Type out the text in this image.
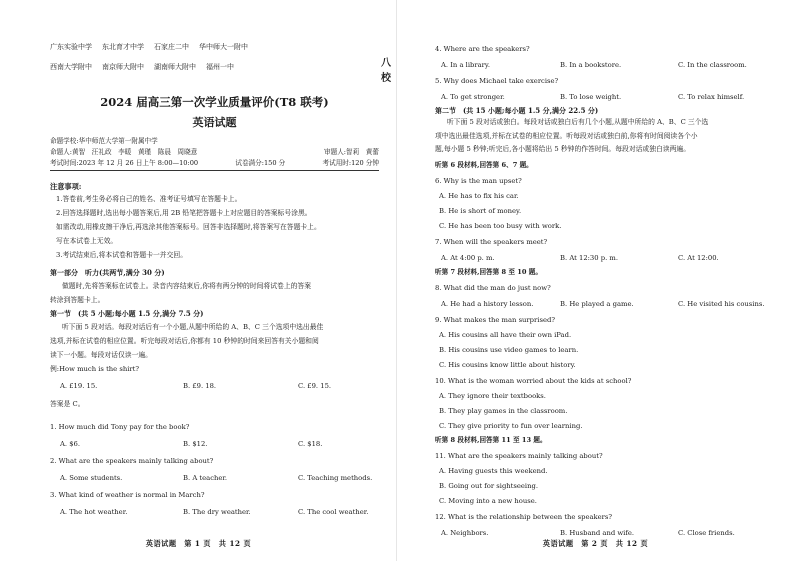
广东实验中学 东北育才中学 石家庄二中 华中师大一附中
西南大学附中 南京师大附中 湖南师大附中 福州一中	八校
2024 届高三第一次学业质量评价(T8 联考)
英语试题
命题学校:华中师范大学第一附属中学
命题人:黄智　汪礼政　李暖　黄瑾　陈晨　周晓意	审题人:智莉　黄蕾
考试时间:2023 年 12 月 26 日上午 8:00—10:00	试卷满分:150 分	考试用时:120 分钟
注意事项:
1.答卷前,考生务必将自己的姓名、准考证号填写在答题卡上。
2.回答选择题时,选出每小题答案后,用 2B 铅笔把答题卡上对应题目的答案标号涂黑。
如需改动,用橡皮擦干净后,再选涂其他答案标号。回答非选择题时,将答案写在答题卡上。
写在本试卷上无效。
3.考试结束后,将本试卷和答题卡一并交回。
第一部分　听力(共两节,满分 30 分)
做题时,先将答案标在试卷上。录音内容结束后,你将有两分钟的时间将试卷上的答案
转涂到答题卡上。
第一节　(共 5 小题;每小题 1.5 分,满分 7.5 分)
听下面 5 段对话。每段对话后有一个小题,从题中所给的 A、B、C 三个选项中选出最佳
选项,并标在试卷的相应位置。听完每段对话后,你都有 10 秒钟的时间来回答有关小题和阅
读下一小题。每段对话仅读一遍。
例:How much is the shirt?
A. £19. 15.	B. £9. 18.	C. £9. 15.
答案是 C。
1. How much did Tony pay for the book?
A. $6.	B. $12.	C. $18.
2. What are the speakers mainly talking about?
A. Some students.	B. A teacher.	C. Teaching methods.
3. What kind of weather is normal in March?
A. The hot weather.	B. The dry weather.	C. The cool weather.
英语试题　第 1 页　共 12 页
4. Where are the speakers?
A. In a library.	B. In a bookstore.	C. In the classroom.
5. Why does Michael take exercise?
A. To get stronger.	B. To lose weight.	C. To relax himself.
第二节　(共 15 小题;每小题 1.5 分,满分 22.5 分)
听下面 5 段对话或独白。每段对话或独白后有几个小题,从题中所给的 A、B、C 三个选
项中选出最佳选项,并标在试卷的相应位置。听每段对话或独白前,你将有时间阅读各个小
题,每小题 5 秒钟;听完后,各小题将给出 5 秒钟的作答时间。每段对话或独白读两遍。
听第 6 段材料,回答第 6、7 题。
6. Why is the man upset?
A. He has to fix his car.
B. He is short of money.
C. He has been too busy with work.
7. When will the speakers meet?
A. At 4:00 p. m.	B. At 12:30 p. m.	C. At 12:00.
听第 7 段材料,回答第 8 至 10 题。
8. What did the man do just now?
A. He had a history lesson.	B. He played a game.	C. He visited his cousins.
9. What makes the man surprised?
A. His cousins all have their own iPad.
B. His cousins use video games to learn.
C. His cousins know little about history.
10. What is the woman worried about the kids at school?
A. They ignore their textbooks.
B. They play games in the classroom.
C. They give priority to fun over learning.
听第 8 段材料,回答第 11 至 13 题。
11. What are the speakers mainly talking about?
A. Having guests this weekend.
B. Going out for sightseeing.
C. Moving into a new house.
12. What is the relationship between the speakers?
A. Neighbors.	B. Husband and wife.	C. Close friends.
英语试题　第 2 页　共 12 页
